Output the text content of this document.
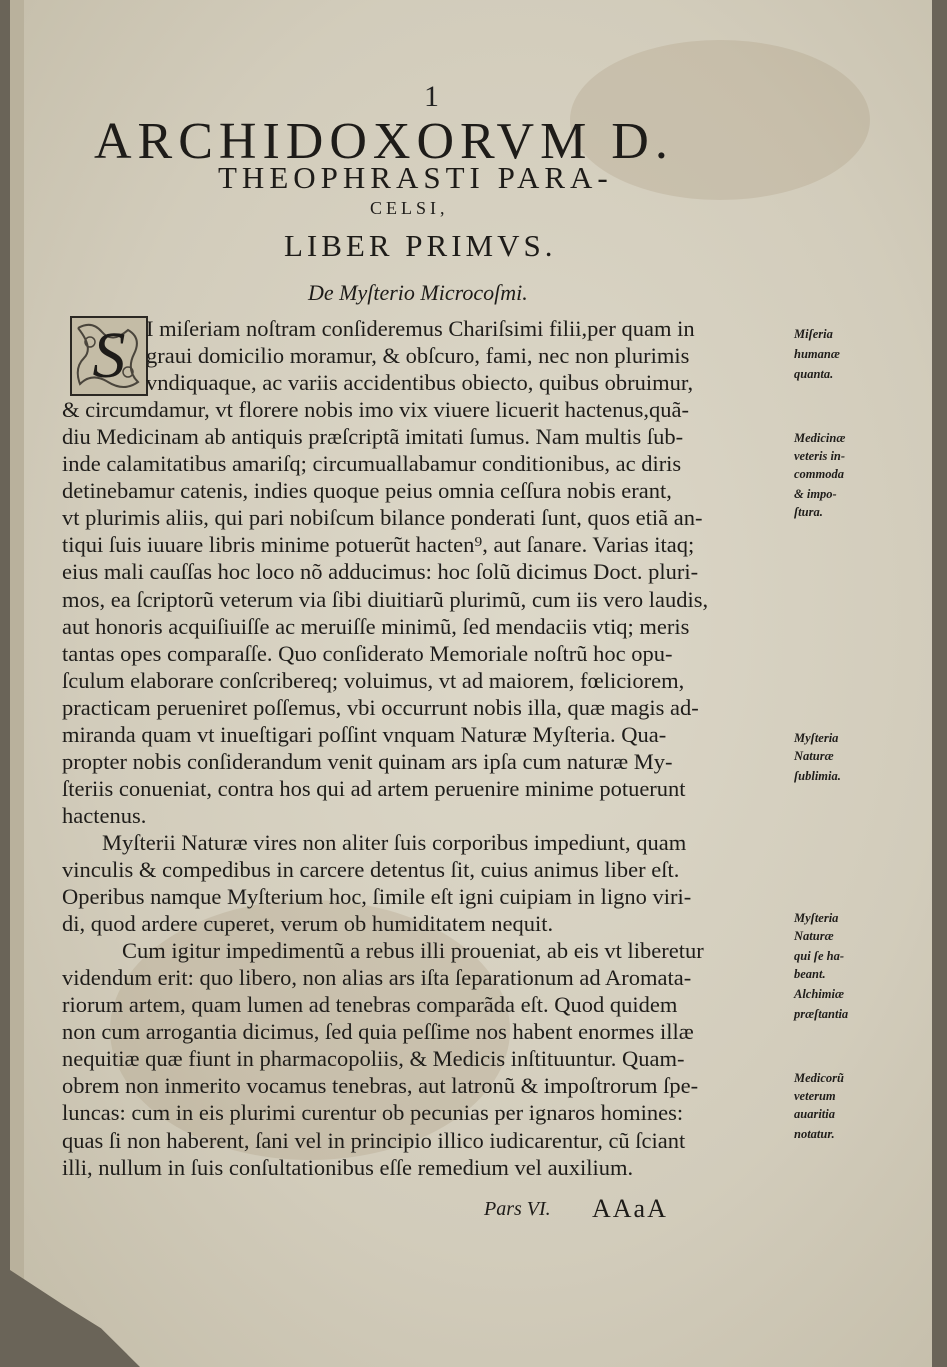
1
ARCHIDOXORVM D.
THEOPHRASTI PARA-
CELSI,
LIBER PRIMVS.
De Myſterio Microcoſmi.
S I miſeriam noſtram conſideremus Chariſsimi filii,per quam in
graui domicilio moramur, & obſcuro, fami, nec non plurimis
vndiquaque, ac variis accidentibus obiecto, quibus obruimur,
& circumdamur, vt florere nobis imo vix viuere licuerit hactenus,quã-
diu Medicinam ab antiquis præſcriptã imitati ſumus. Nam multis ſub-
inde calamitatibus amariſq; circumuallabamur conditionibus, ac diris
detinebamur catenis, indies quoque peius omnia ceſſura nobis erant,
vt plurimis aliis, qui pari nobiſcum bilance ponderati ſunt, quos etiã an-
tiqui ſuis iuuare libris minime potuerũt hacten⁹, aut ſanare. Varias itaq;
eius mali cauſſas hoc loco nõ adducimus: hoc ſolũ dicimus Doct. pluri-
mos, ea ſcriptorũ veterum via ſibi diuitiarũ plurimũ, cum iis vero laudis,
aut honoris acquiſiuiſſe ac meruiſſe minimũ, ſed mendaciis vtiq; meris
tantas opes comparaſſe. Quo conſiderato Memoriale noſtrũ hoc opu-
ſculum elaborare conſcribereq; voluimus, vt ad maiorem, fœliciorem,
practicam perueniret poſſemus, vbi occurrunt nobis illa, quæ magis ad-
miranda quam vt inueſtigari poſſint vnquam Naturæ Myſteria. Qua-
propter nobis conſiderandum venit quinam ars ipſa cum naturæ My-
ſteriis conueniat, contra hos qui ad artem peruenire minime potuerunt
hactenus.
Myſterii Naturæ vires non aliter ſuis corporibus impediunt, quam
vinculis & compedibus in carcere detentus ſit, cuius animus liber eſt.
Operibus namque Myſterium hoc, ſimile eſt igni cuipiam in ligno viri-
di, quod ardere cuperet, verum ob humiditatem nequit.
Cum igitur impedimentũ a rebus illi proueniat, ab eis vt liberetur
videndum erit: quo libero, non alias ars iſta ſeparationum ad Aromata-
riorum artem, quam lumen ad tenebras comparãda eſt. Quod quidem
non cum arrogantia dicimus, ſed quia peſſime nos habent enormes illæ
nequitiæ quæ fiunt in pharmacopoliis, & Medicis inſtituuntur. Quam-
obrem non inmerito vocamus tenebras, aut latronũ & impoſtrorum ſpe-
luncas: cum in eis plurimi curentur ob pecunias per ignaros homines:
quas ſi non haberent, ſani vel in principio illico iudicarentur, cũ ſciant
illi, nullum in ſuis conſultationibus eſſe remedium vel auxilium.
Miſeria
humanæ
quanta.
Medicinæ
veteris in-
commoda
& impo-
ſtura.
Myſteria
Naturæ
ſublimia.
Myſteria
Naturæ
qui ſe ha-
beant.
Alchimiæ
præſtantia
Medicorũ
veterum
auaritia
notatur.
Pars VI. AAaA
